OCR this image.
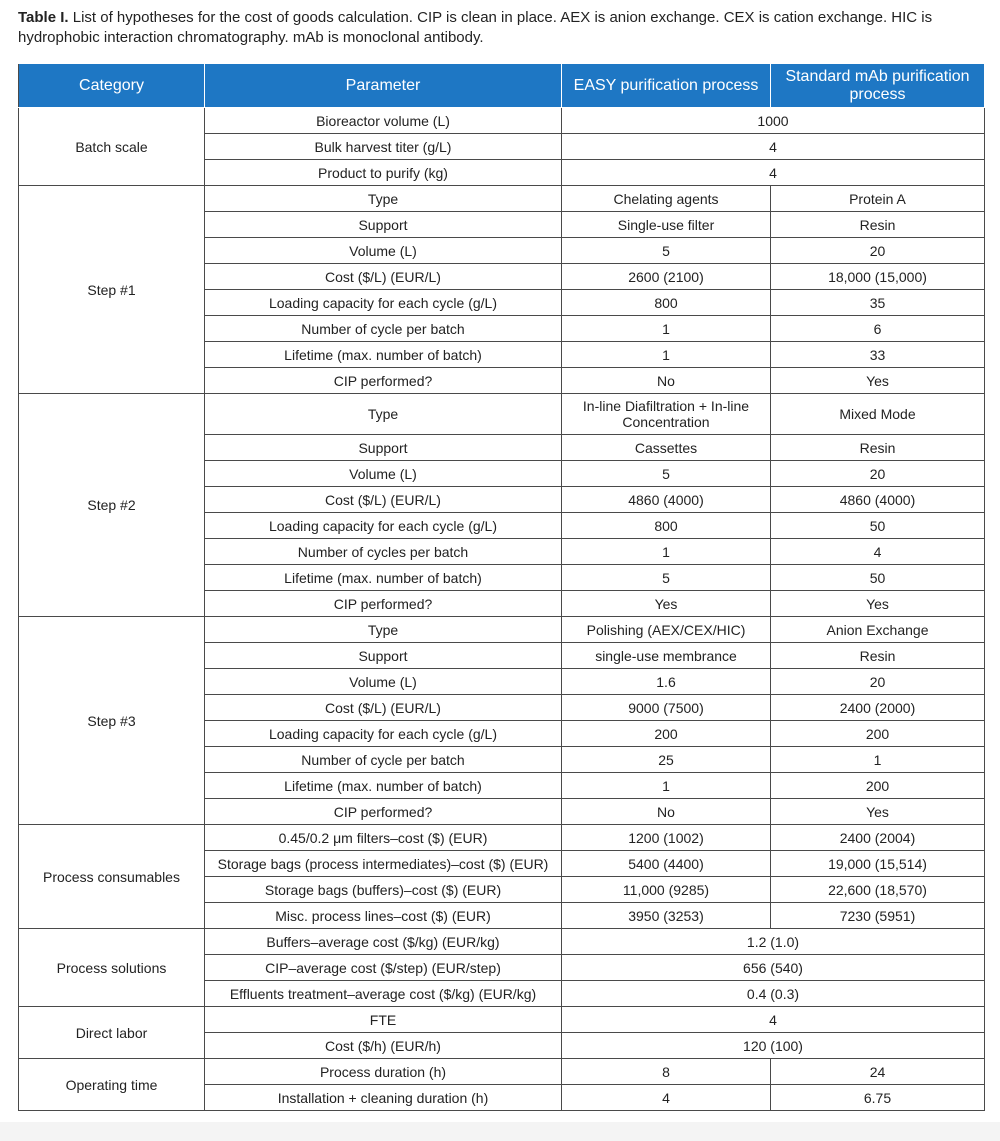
Table I. List of hypotheses for the cost of goods calculation. CIP is clean in place. AEX is anion exchange. CEX is cation exchange. HIC is hydrophobic interaction chromatography. mAb is monoclonal antibody.
Category	Parameter	EASY purification process	Standard mAb purification process
Batch scale	Bioreactor volume (L)	1000	
	Bulk harvest titer (g/L)	4	
	Product to purify (kg)	4	
Step #1	Type	Chelating agents	Protein A
	Support	Single-use filter	Resin
	Volume (L)	5	20
	Cost ($/L) (EUR/L)	2600 (2100)	18,000 (15,000)
	Loading capacity for each cycle (g/L)	800	35
	Number of cycle per batch	1	6
	Lifetime (max. number of batch)	1	33
	CIP performed?	No	Yes
Step #2	Type	In-line Diafiltration + In-line Concentration	Mixed Mode
	Support	Cassettes	Resin
	Volume (L)	5	20
	Cost ($/L) (EUR/L)	4860 (4000)	4860 (4000)
	Loading capacity for each cycle (g/L)	800	50
	Number of cycles per batch	1	4
	Lifetime (max. number of batch)	5	50
	CIP performed?	Yes	Yes
Step #3	Type	Polishing (AEX/CEX/HIC)	Anion Exchange
	Support	single-use membrance	Resin
	Volume (L)	1.6	20
	Cost ($/L) (EUR/L)	9000 (7500)	2400 (2000)
	Loading capacity for each cycle (g/L)	200	200
	Number of cycle per batch	25	1
	Lifetime (max. number of batch)	1	200
	CIP performed?	No	Yes
Process consumables	0.45/0.2 μm filters–cost ($) (EUR)	1200 (1002)	2400 (2004)
	Storage bags (process intermediates)–cost ($) (EUR)	5400 (4400)	19,000 (15,514)
	Storage bags (buffers)–cost ($) (EUR)	11,000 (9285)	22,600 (18,570)
	Misc. process lines–cost ($) (EUR)	3950 (3253)	7230 (5951)
Process solutions	Buffers–average cost ($/kg) (EUR/kg)	1.2 (1.0)	
	CIP–average cost ($/step) (EUR/step)	656 (540)	
	Effluents treatment–average cost ($/kg) (EUR/kg)	0.4 (0.3)	
Direct labor	FTE	4	
	Cost ($/h) (EUR/h)	120 (100)	
Operating time	Process duration (h)	8	24
	Installation + cleaning duration (h)	4	6.75
